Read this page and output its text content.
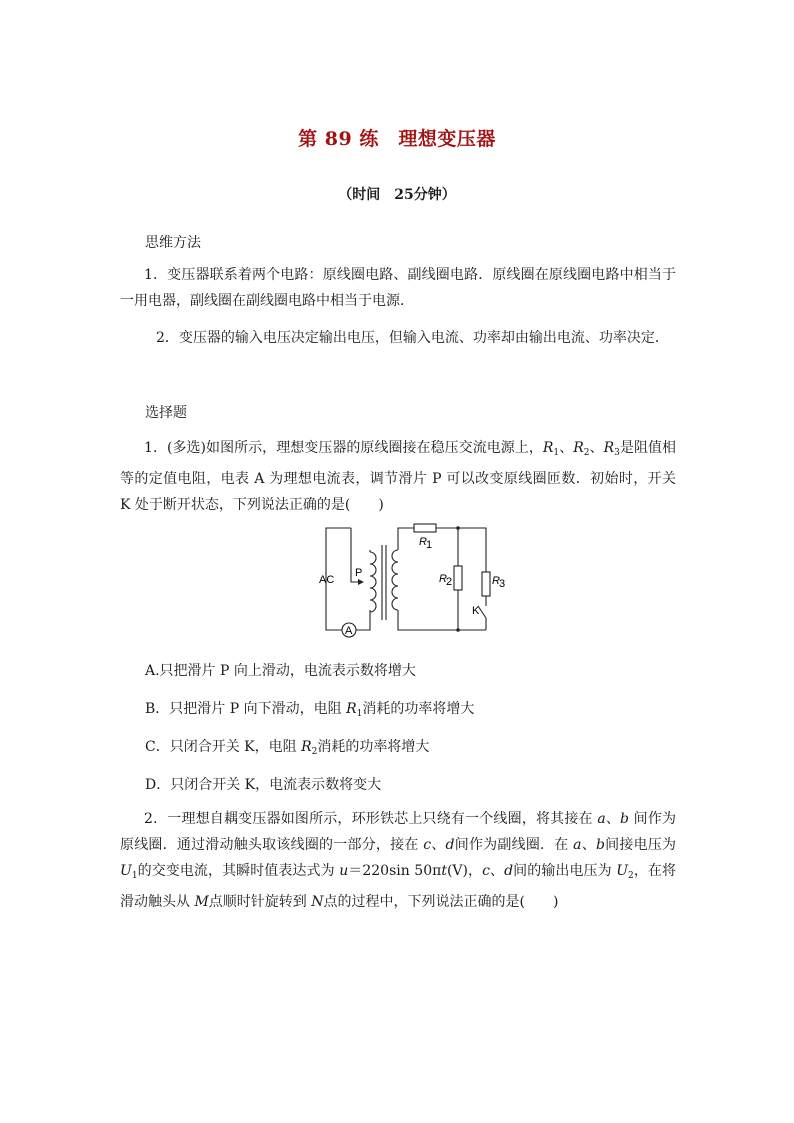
第 89 练　理想变压器
（时间　25分钟）
思维方法
1．变压器联系着两个电路：原线圈电路、副线圈电路．原线圈在原线圈电路中相当于一用电器，副线圈在副线圈电路中相当于电源．
2．变压器的输入电压决定输出电压，但输入电流、功率却由输出电流、功率决定．
选择题
1．(多选)如图所示，理想变压器的原线圈接在稳压交流电源上，$R_1$、$R_2$、$R_3$是阻值相等的定值电阻，电表 A 为理想电流表，调节滑片 P 可以改变原线圈匝数．初始时，开关 K 处于断开状态，下列说法正确的是(　　)
AC
P
K
A
R 1
R 2	R 3
A.只把滑片 P 向上滑动，电流表示数将增大
B．只把滑片 P 向下滑动，电阻 $R_1$消耗的功率将增大
C．只闭合开关 K，电阻 $R_2$消耗的功率将增大
D．只闭合开关 K，电流表示数将变大
2．一理想自耦变压器如图所示，环形铁芯上只绕有一个线圈，将其接在 a、b 间作为原线圈．通过滑动触头取该线圈的一部分，接在 c、d间作为副线圈．在 a、b间接电压为 $U_1$的交变电流，其瞬时值表达式为 u＝220sin 50πt(V)，c、d间的输出电压为 $U_2$，在将滑动触头从 M点顺时针旋转到 N点的过程中，下列说法正确的是(　　)
